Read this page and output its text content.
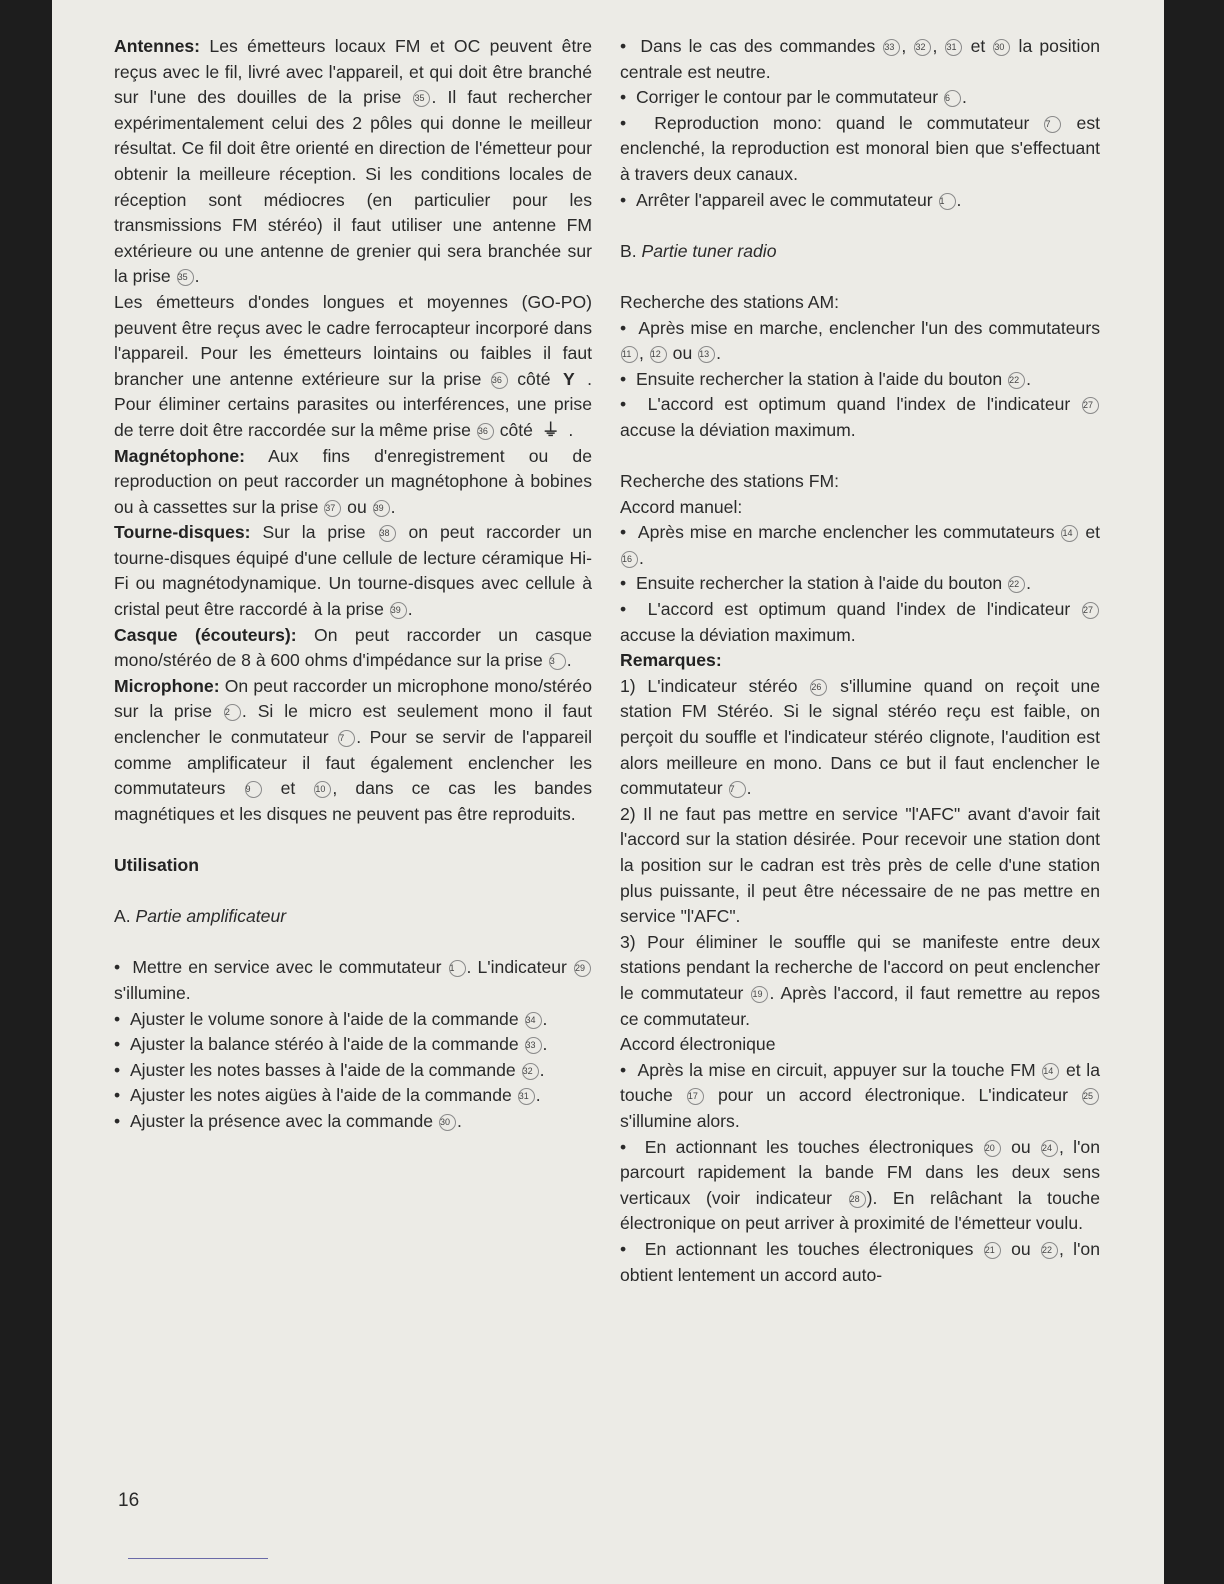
Antennes: Les émetteurs locaux FM et OC peuvent être reçus avec le fil, livré avec l'appareil, et qui doit être branché sur l'une des douilles de la prise 35 . Il faut rechercher expérimentalement celui des 2 pôles qui donne le meilleur résultat. Ce fil doit être orienté en direction de l'émetteur pour obtenir la meilleure réception. Si les conditions locales de réception sont médiocres (en particulier pour les transmissions FM stéréo) il faut utiliser une antenne FM extérieure ou une antenne de grenier qui sera branchée sur la prise 35 .

Les émetteurs d'ondes longues et moyennes (GO-PO) peuvent être reçus avec le cadre ferrocapteur incorporé dans l'appareil. Pour les émetteurs lointains ou faibles il faut brancher une antenne extérieure sur la prise 36 côté Y . Pour éliminer certains parasites ou interférences, une prise de terre doit être raccordée sur la même prise 36 côté ⏚ .

Magnétophone: Aux fins d'enregistrement ou de reproduction on peut raccorder un magnétophone à bobines ou à cassettes sur la prise 37 ou 39 .

Tourne-disques: Sur la prise 38 on peut raccorder un tourne-disques équipé d'une cellule de lecture céramique Hi-Fi ou magnétodynamique. Un tourne-disques avec cellule à cristal peut être raccordé à la prise 39 .

Casque (écouteurs): On peut raccorder un casque mono/stéréo de 8 à 600 ohms d'impédance sur la prise 3 .

Microphone: On peut raccorder un microphone mono/stéréo sur la prise 2 . Si le micro est seulement mono il faut enclencher le conmutateur 7 . Pour se servir de l'appareil comme amplificateur il faut également enclencher les commutateurs 9 et 10 , dans ce cas les bandes magnétiques et les disques ne peuvent pas être reproduits.

Utilisation

A. Partie amplificateur

•  Mettre en service avec le commutateur 1 . L'indicateur 29 s'illumine.

•  Ajuster le volume sonore à l'aide de la commande 34 .

•  Ajuster la balance stéréo à l'aide de la commande 33 .

•  Ajuster les notes basses à l'aide de la commande 32 .

•  Ajuster les notes aigües à l'aide de la commande 31 .

•  Ajuster la présence avec la commande 30 .

•  Dans le cas des commandes 33 , 32 , 31 et 30 la position centrale est neutre.

•  Corriger le contour par le commutateur 6 .

•  Reproduction mono: quand le commutateur 7 est enclenché, la reproduction est monoral bien que s'effectuant à travers deux canaux.

•  Arrêter l'appareil avec le commutateur 1 .

B. Partie tuner radio

Recherche des stations AM:

•  Après mise en marche, enclencher l'un des commutateurs 11 , 12 ou 13 .

•  Ensuite rechercher la station à l'aide du bouton 22 .

•  L'accord est optimum quand l'index de l'indicateur 27 accuse la déviation maximum.

Recherche des stations FM:

Accord manuel:

•  Après mise en marche enclencher les commutateurs 14 et 16 .

•  Ensuite rechercher la station à l'aide du bouton 22 .

•  L'accord est optimum quand l'index de l'indicateur 27 accuse la déviation maximum.

Remarques:

1) L'indicateur stéréo 26 s'illumine quand on reçoit une station FM Stéréo. Si le signal stéréo reçu est faible, on perçoit du souffle et l'indicateur stéréo clignote, l'audition est alors meilleure en mono. Dans ce but il faut enclencher le commutateur 7 .

2) Il ne faut pas mettre en service "l'AFC" avant d'avoir fait l'accord sur la station désirée. Pour recevoir une station dont la position sur le cadran est très près de celle d'une station plus puissante, il peut être nécessaire de ne pas mettre en service "l'AFC".

3) Pour éliminer le souffle qui se manifeste entre deux stations pendant la recherche de l'accord on peut enclencher le commutateur 19 . Après l'accord, il faut remettre au repos ce commutateur.

Accord électronique

•  Après la mise en circuit, appuyer sur la touche FM 14 et la touche 17 pour un accord électronique. L'indicateur 25 s'illumine alors.

•  En actionnant les touches électroniques 20 ou 24 , l'on parcourt rapidement la bande FM dans les deux sens verticaux (voir indicateur 28 ). En relâchant la touche électronique on peut arriver à proximité de l'émetteur voulu.

•  En actionnant les touches électroniques 21 ou 22 , l'on obtient lentement un accord auto-

16
